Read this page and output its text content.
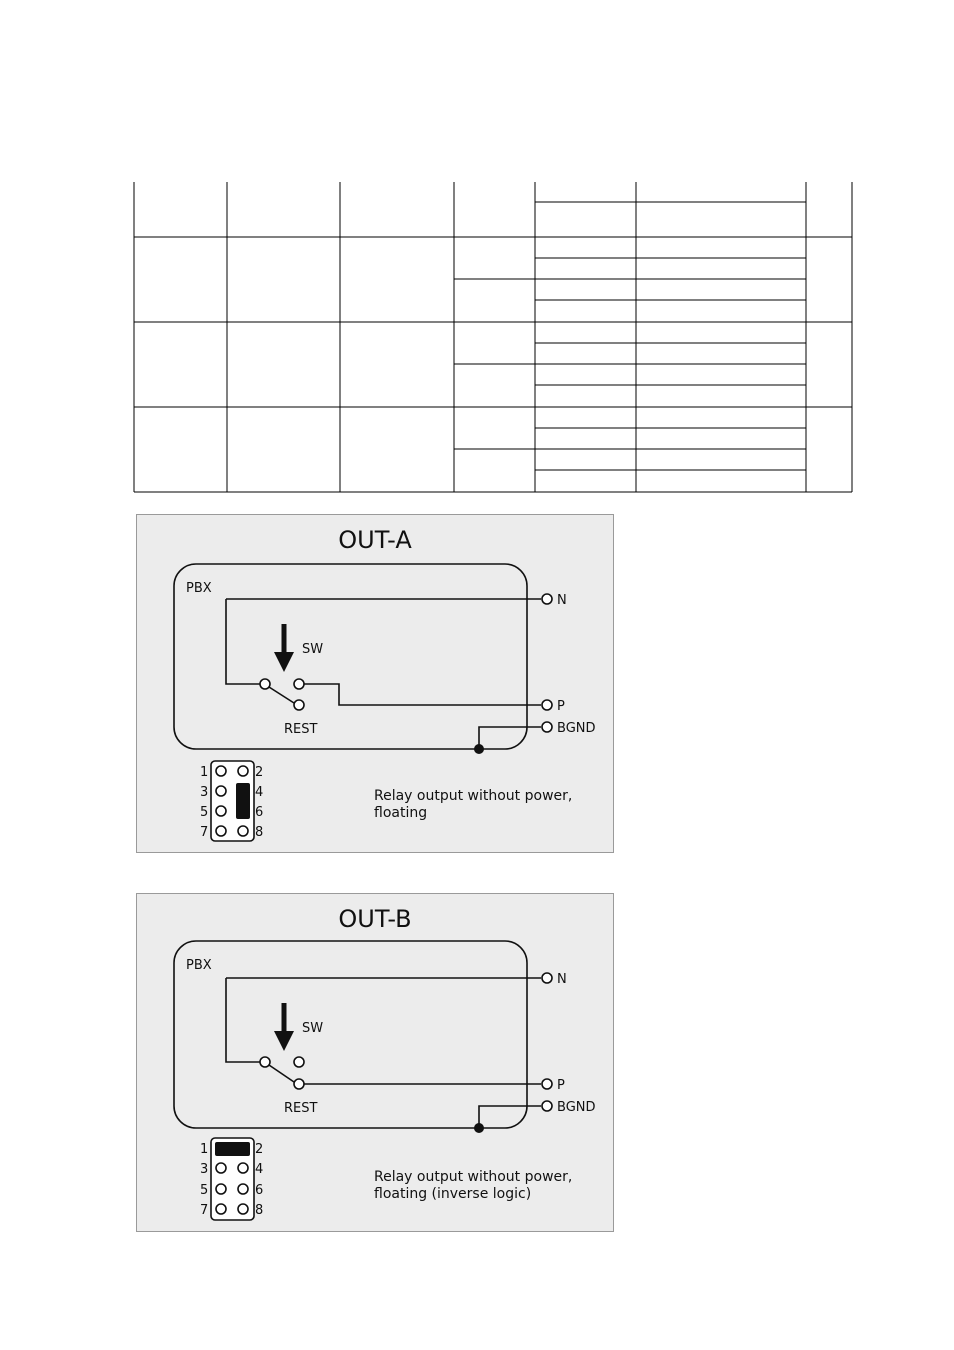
OUT-A
PBX
N
SW
REST
P
BGND
1	2
3	4
5	6
7	8
Relay output without power,
floating
OUT-B
PBX
N
SW
REST
P
BGND
1	2
3	4
5	6
7	8
Relay output without power,
floating (inverse logic)
